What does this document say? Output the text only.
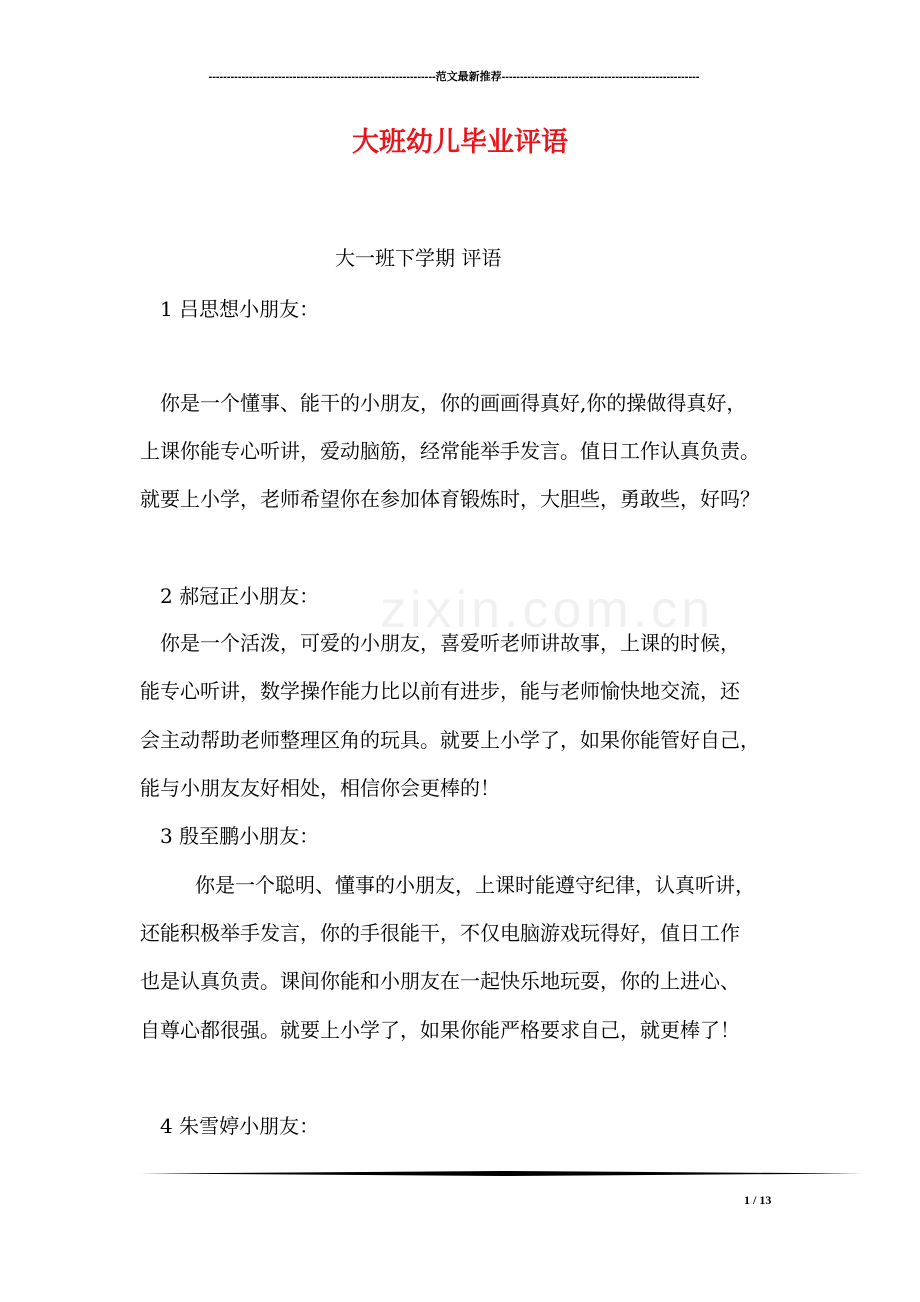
--------------------------------------------------------------范文最新推荐------------------------------------------------------
大班幼儿毕业评语
zixin.com.cn
大一班下学期 评语
1 吕思想小朋友：
你是一个懂事、能干的小朋友，你的画画得真好,你的操做得真好，
上课你能专心听讲，爱动脑筋，经常能举手发言。值日工作认真负责。
就要上小学，老师希望你在参加体育锻炼时，大胆些，勇敢些，好吗？
2 郝冠正小朋友：
你是一个活泼，可爱的小朋友，喜爱听老师讲故事，上课的时候，
能专心听讲，数学操作能力比以前有进步，能与老师愉快地交流，还
会主动帮助老师整理区角的玩具。就要上小学了，如果你能管好自己，
能与小朋友友好相处，相信你会更棒的！
3 殷至鹏小朋友：
你是一个聪明、懂事的小朋友，上课时能遵守纪律，认真听讲，
还能积极举手发言，你的手很能干，不仅电脑游戏玩得好，值日工作
也是认真负责。课间你能和小朋友在一起快乐地玩耍，你的上进心、
自尊心都很强。就要上小学了，如果你能严格要求自己，就更棒了！
4 朱雪婷小朋友：
1 / 13
